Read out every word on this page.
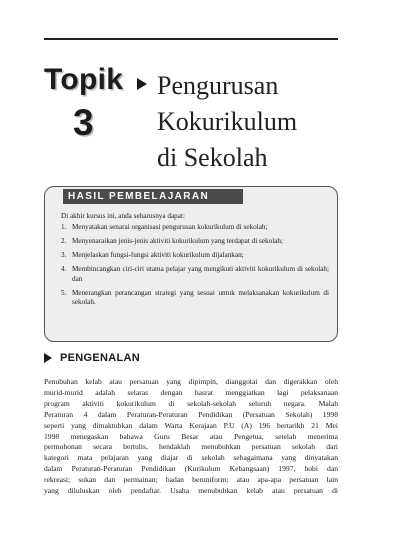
Topik
3
Pengurusan
Kokurikulum
di Sekolah
HASIL PEMBELAJARAN
Di akhir kursus ini, anda seharusnya dapat:
1. Menyatakan senarai organisasi pengurusan kokurikulum di sekolah;
2. Menyenaraikan jenis-jenis aktiviti kokurikulum yang terdapat di sekolah;
3. Menjelaskan fungsi-fungsi aktiviti kokurikulum dijalankan;
4. Membincangkan ciri-ciri utama pelajar yang mengikuti aktiviti kokurikulum di sekolah; dan
5. Menerangkan perancangan strategi yang sesuai untuk melaksanakan kokurikulum di sekolah.
PENGENALAN
Penubuhan kelab atau persatuan yang dipimpin, dianggotai dan digerakkan oleh
murid-murid adalah selaras dengan hasrat menggiatkan lagi pelaksanaan
program aktiviti kokurikulum di sekolah-sekolah seluruh negara. Malah
Peraturan 4 dalam Peraturan-Peraturan Pendidikan (Persatuan Sekolah) 1998
seperti yang dimaktubkan dalam Warta Kerajaan P.U (A) 196 bertarikh 21 Mei
1998 menegaskan bahawa Guru Besar atau Pengetua, setelah menerima
permohonan secara bertulis, hendaklah menubuhkan persatuan sekolah dari
kategori mata pelajaran yang diajar di sekolah sebagaimana yang dinyatakan
dalam Peraturan-Peraturan Pendidikan (Kurikulum Kebangsaan) 1997, hobi dan
rekreasi; sukan dan permainan; badan beruniform; atau apa-apa persatuan lain
yang diluluskan oleh pendaftar. Usaha menubuhkan kelab atau persatuan di
